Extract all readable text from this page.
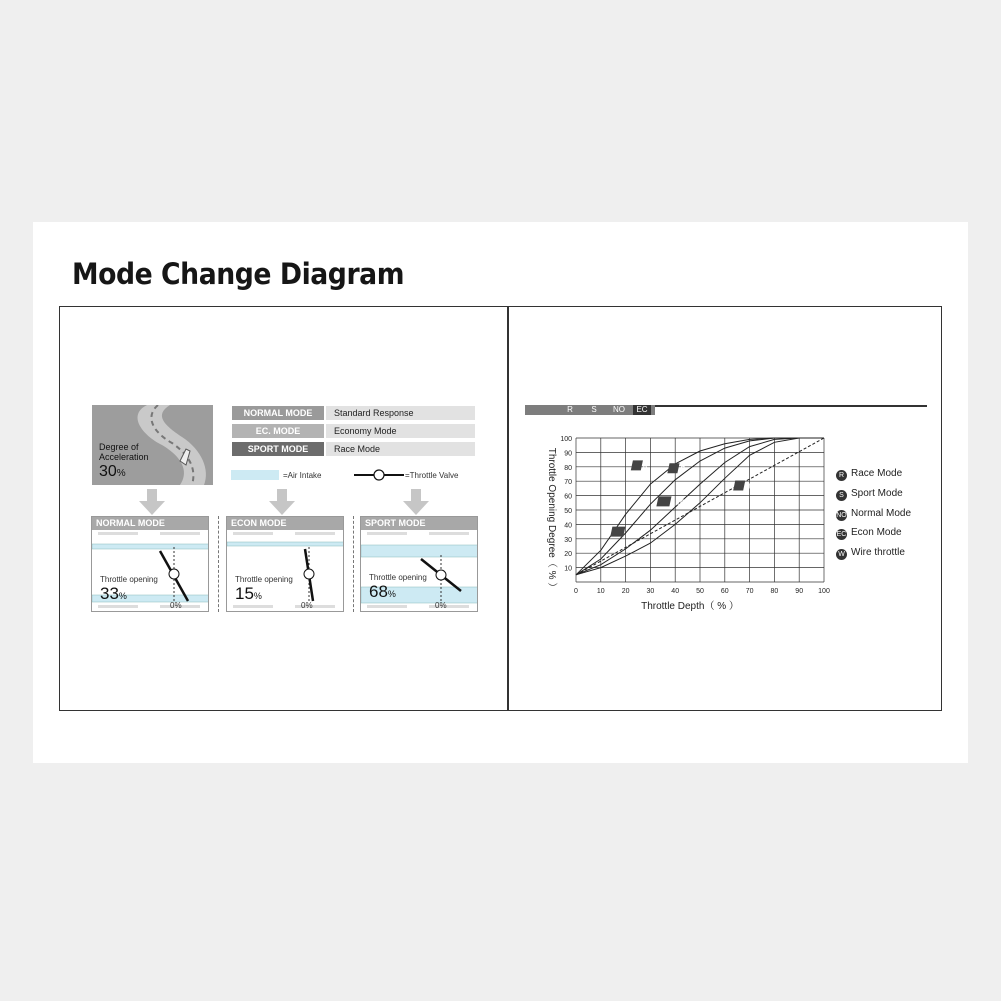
Mode Change Diagram
Degree of
Acceleration
30%
NORMAL MODE	Standard Response
EC. MODE	Economy Mode
SPORT MODE	Race Mode
=Air Intake	=Throttle Valve
NORMAL MODE
Throttle opening
33%
0%
ECON MODE
Throttle opening
15%
0%
SPORT MODE
Throttle opening
68%
0%
R	S	NO	EC
0	10 20 30 40 50 60 70 80 90 100
10
20
30
40
50
60
70
80
90
100
Throttle Depth（ % ）
Throttle Opening Degree（ % ）	R	S
NO
EC
W
R Race Mode
S Sport Mode
NO Normal Mode
EC Econ Mode
W Wire throttle
